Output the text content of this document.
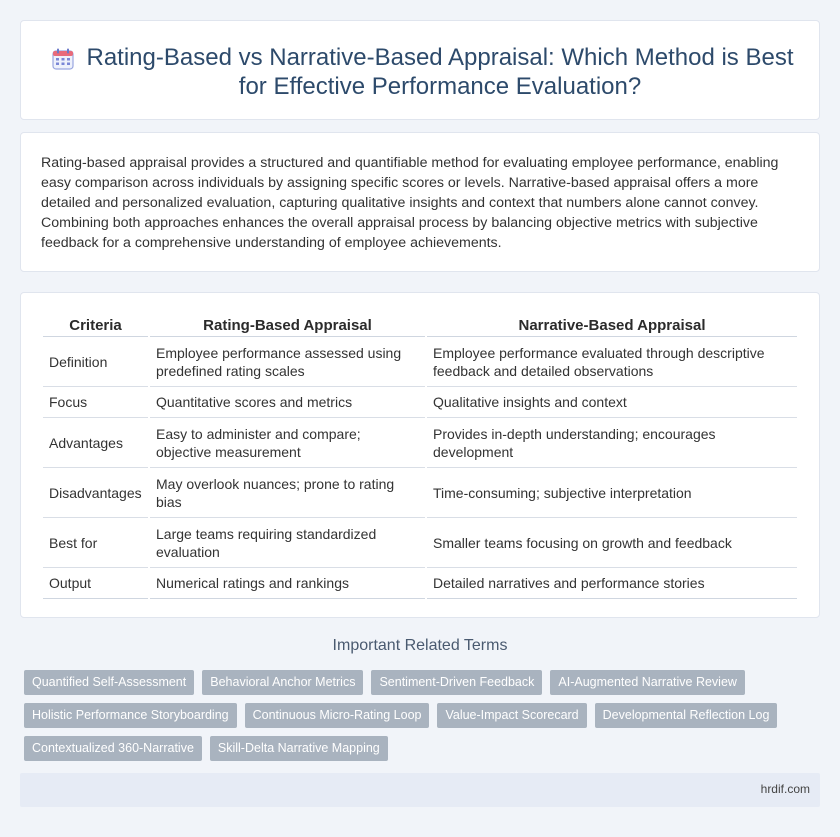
Rating-Based vs Narrative-Based Appraisal: Which Method is Best for Effective Performance Evaluation?

Rating-based appraisal provides a structured and quantifiable method for evaluating employee performance, enabling easy comparison across individuals by assigning specific scores or levels. Narrative-based appraisal offers a more detailed and personalized evaluation, capturing qualitative insights and context that numbers alone cannot convey. Combining both approaches enhances the overall appraisal process by balancing objective metrics with subjective feedback for a comprehensive understanding of employee achievements.

Criteria	Rating-Based Appraisal	Narrative-Based Appraisal
Definition	Employee performance assessed using predefined rating scales	Employee performance evaluated through descriptive feedback and detailed observations
Focus	Quantitative scores and metrics	Qualitative insights and context
Advantages	Easy to administer and compare; objective measurement	Provides in-depth understanding; encourages development
Disadvantages	May overlook nuances; prone to rating bias	Time-consuming; subjective interpretation
Best for	Large teams requiring standardized evaluation	Smaller teams focusing on growth and feedback
Output	Numerical ratings and rankings	Detailed narratives and performance stories
Important Related Terms
Quantified Self-Assessment	Behavioral Anchor Metrics	Sentiment-Driven Feedback	AI-Augmented Narrative Review
Holistic Performance Storyboarding	Continuous Micro-Rating Loop	Value-Impact Scorecard	Developmental Reflection Log
Contextualized 360-Narrative	Skill-Delta Narrative Mapping
hrdif.com
